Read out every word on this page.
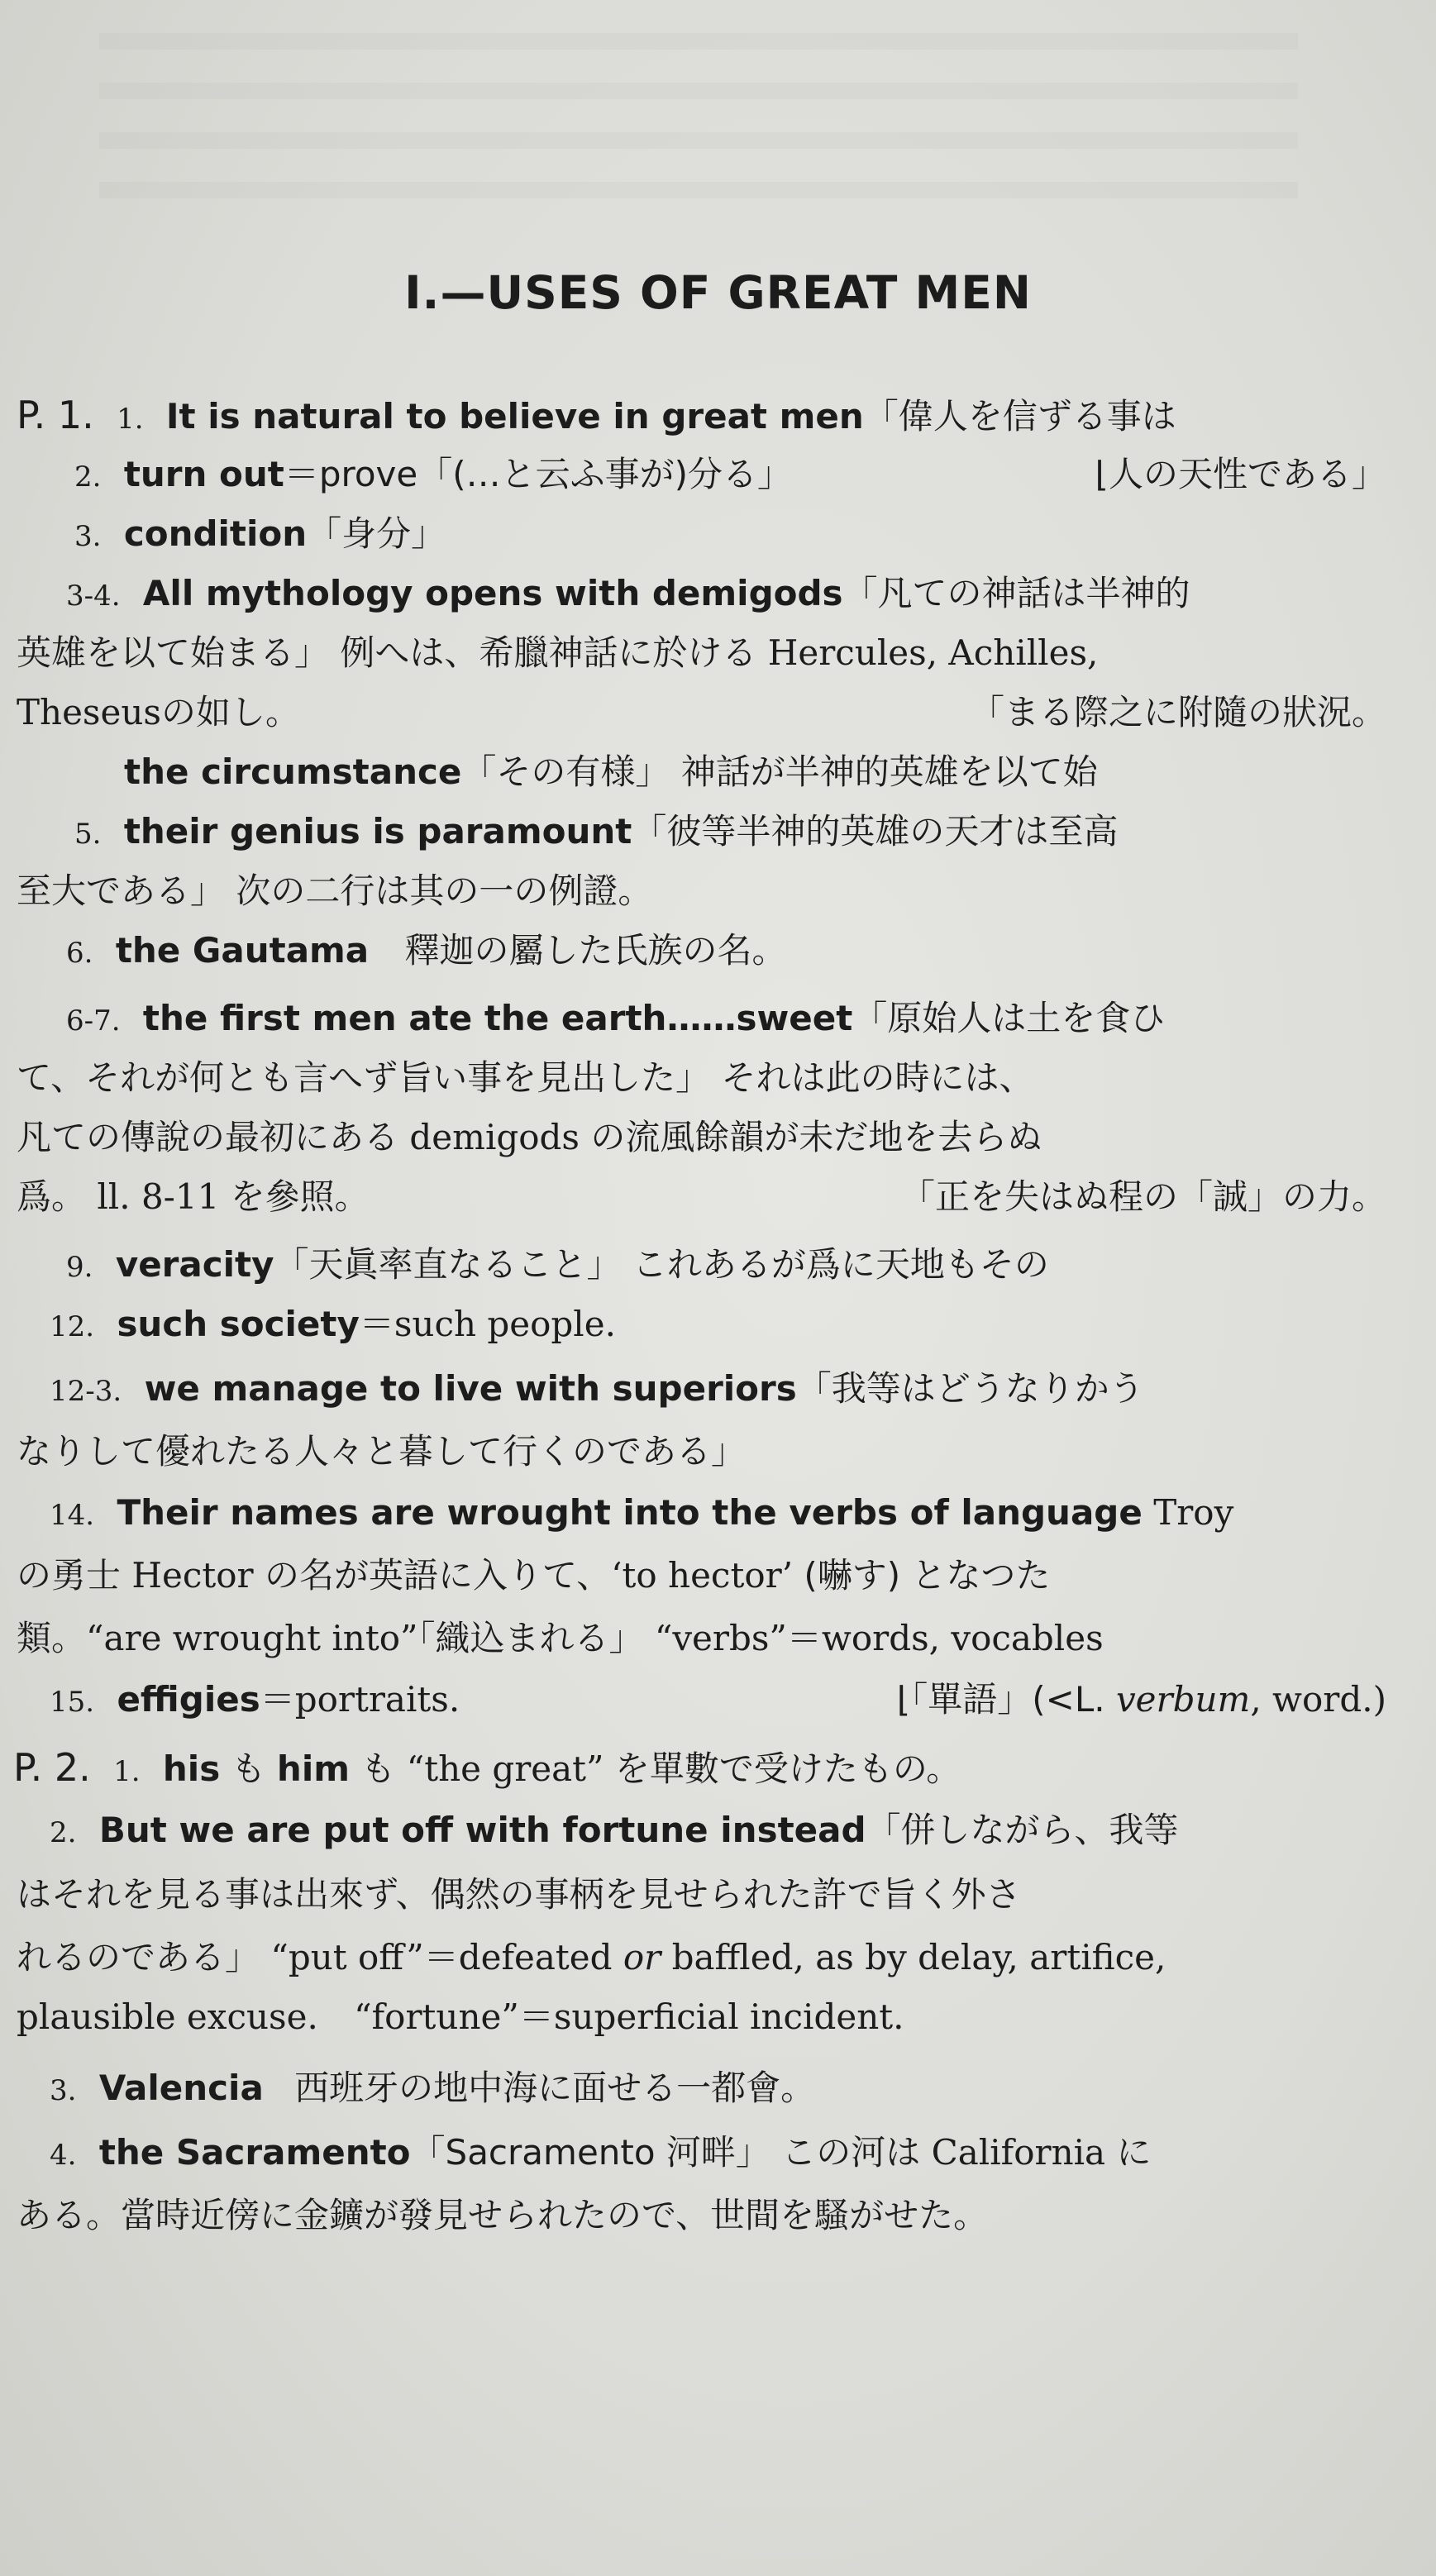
I.—USES OF GREAT MEN
P. 1. 1. It is natural to believe in great men「偉人を信ずる事は
2. turn out＝prove「(…と云ふ事が)分る」	⌊人の天性である」
3. condition「身分」
3-4. All mythology opens with demigods「凡ての神話は半神的
英雄を以て始まる」 例へは、希臘神話に於ける Hercules, Achilles,
Theseusの如し。	「まる際之に附隨の狀況。
the circumstance「その有様」 神話が半神的英雄を以て始
5. their genius is paramount「彼等半神的英雄の天才は至高
至大である」 次の二行は其の一の例證。
6. the Gautama 釋迦の屬した氏族の名。
6-7. the first men ate the earth……sweet「原始人は土を食ひ
て、それが何とも言へず旨い事を見出した」 それは此の時には、
凡ての傳說の最初にある demigods の流風餘韻が未だ地を去らぬ
爲。 ll. 8-11 を參照。	「正を失はぬ程の「誠」の力。
9. veracity「天眞率直なること」 これあるが爲に天地もその
12. such society＝such people.
12-3. we manage to live with superiors「我等はどうなりかう
なりして優れたる人々と暮して行くのである」
14. Their names are wrought into the verbs of language Troy
の勇士 Hector の名が英語に入りて、‘to hector’ (嚇す) となつた
類。“are wrought into”「織込まれる」 “verbs”＝words, vocables
15. effigies＝portraits.	⌊「單語」(<L. verbum, word.)
P. 2. 1. his も him も “the great” を單數で受けたもの。
2. But we are put off with fortune instead「併しながら、我等
はそれを見る事は出來ず、偶然の事柄を見せられた許で旨く外さ
れるのである」 “put off”＝defeated or baffled, as by delay, artifice,
plausible excuse. “fortune”＝superficial incident.
3. Valencia 西班牙の地中海に面せる一都會。
4. the Sacramento「Sacramento 河畔」 この河は California に
ある。當時近傍に金鑛が發見せられたので、世間を騷がせた。
